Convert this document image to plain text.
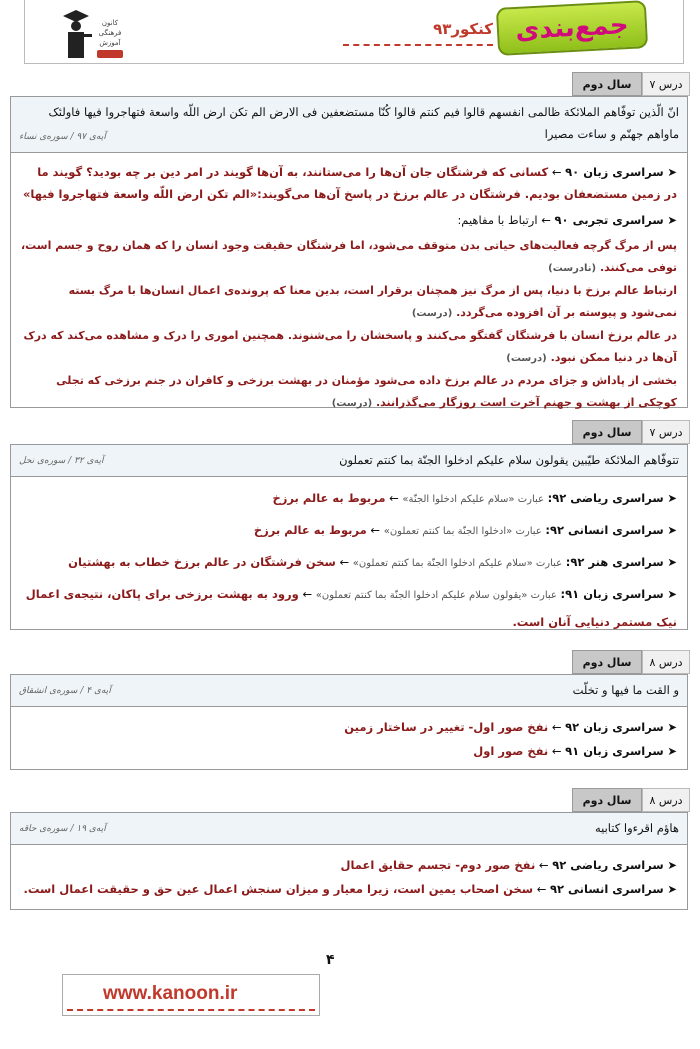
کانون فرهنگی آموزش
کنکور۹۳ جمع‌بندی
درس ۷
سال دوم
انّ الّذین توفّاهم الملائکة ظالمی انفسهم قالوا فیم کنتم قالوا کُنّا مستضعفین فی الارض الم تکن ارض اللّه واسعة فتهاجروا فیها فاولئک ماواهم جهنّم و ساءت مصیرا
آیه‌ی ۹۷ / سوره‌ی نساء
➤ سراسری زبان ۹۰ ← کسانی که فرشتگان جان آن‌ها را می‌ستانند، به آن‌ها گویند در امر دین بر چه بودید؟ گویند ما در زمین مستضعفان بودیم. فرشتگان در عالم برزخ در پاسخ آن‌ها می‌گویند:«الم تکن ارض اللّه واسعة فتهاجروا فیها»
➤ سراسری تجربی ۹۰ ← ارتباط با مفاهیم:
پس از مرگ گرچه فعالیت‌های حیاتی بدن متوقف می‌شود، اما فرشتگان حقیقت وجود انسان را که همان روح و جسم است، توفی می‌کنند. (نادرست)
ارتباط عالم برزخ با دنیا، پس از مرگ نیز همچنان برقرار است، بدین معنا که پرونده‌ی اعمال انسان‌ها با مرگ بسته نمی‌شود و پیوسته بر آن افزوده می‌گردد. (درست)
در عالم برزخ انسان با فرشتگان گفتگو می‌کنند و پاسخشان را می‌شنوند. همچنین اموری را درک و مشاهده می‌کند که درک آن‌ها در دنیا ممکن نبود. (درست)
بخشی از پاداش و جزای مردم در عالم برزخ داده می‌شود مؤمنان در بهشت برزخی و کافران در جنم برزخی که تجلی کوچکی از بهشت و جهنم آخرت است روزگار می‌گذرانند. (درست)
درس ۷
سال دوم
تتوفّاهم الملائکة طیّبین یقولون سلام علیکم ادخلوا الجنّة بما کنتم تعملون
آیه‌ی ۳۲ / سوره‌ی نحل
➤ سراسری ریاضی ۹۲: عبارت «سلام علیکم ادخلوا الجنّة» ← مربوط به عالم برزخ
➤ سراسری انسانی ۹۲: عبارت «ادخلوا الجنّة بما کنتم تعملون» ← مربوط به عالم برزخ
➤ سراسری هنر ۹۲: عبارت «سلام علیکم ادخلوا الجنّة بما کنتم تعملون» ← سخن فرشتگان در عالم برزخ خطاب به بهشتیان
➤ سراسری زبان ۹۱: عبارت «یقولون سلام علیکم ادخلوا الجنّة بما کنتم تعملون» ← ورود به بهشت برزخی برای پاکان، نتیجه‌ی اعمال نیک مستمر دنیایی آنان است.
درس ۸
سال دوم
و القت ما فیها و تخلّت
آیه‌ی ۴ / سوره‌ی انشقاق
➤ سراسری زبان ۹۲ ← نفخ صور اول- تغییر در ساختار زمین
➤ سراسری زبان ۹۱ ← نفخ صور اول
درس ۸
سال دوم
هاؤم اقرءوا کتابیه
آیه‌ی ۱۹ / سوره‌ی حاقه
➤ سراسری ریاضی ۹۲ ← نفخ صور دوم- تجسم حقایق اعمال
➤ سراسری انسانی ۹۲ ← سخن اصحاب یمین است، زیرا معیار و میزان سنجش اعمال عین حق و حقیقت اعمال است.
۴
www.kanoon.ir
